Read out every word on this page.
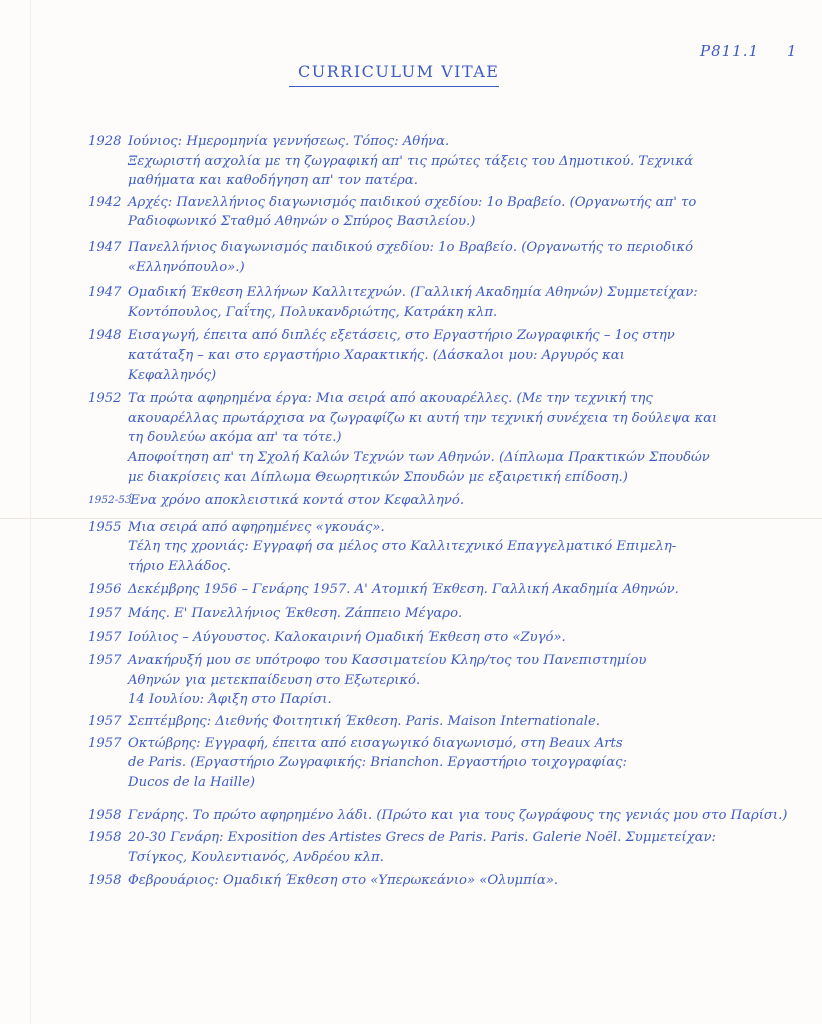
P811.1 1
CURRICULUM VITAE
1928 Ιούνιος: Ημερομηνία γεννήσεως. Τόπος: Αθήνα.
Ξεχωριστή ασχολία με τη ζωγραφική απ' τις πρώτες τάξεις του Δημοτικού. Τεχνικά
μαθήματα και καθοδήγηση απ' τον πατέρα.
1942 Αρχές: Πανελλήνιος διαγωνισμός παιδικού σχεδίου: 1ο Βραβείο. (Οργανωτής απ' το
Ραδιοφωνικό Σταθμό Αθηνών ο Σπύρος Βασιλείου.)
1947 Πανελλήνιος διαγωνισμός παιδικού σχεδίου: 1ο Βραβείο. (Οργανωτής το περιοδικό
«Ελληνόπουλο».)
1947 Ομαδική Έκθεση Ελλήνων Καλλιτεχνών. (Γαλλική Ακαδημία Αθηνών) Συμμετείχαν:
Κοντόπουλος, Γαΐτης, Πολυκανδριώτης, Κατράκη κλπ.
1948 Εισαγωγή, έπειτα από διπλές εξετάσεις, στο Εργαστήριο Ζωγραφικής – 1ος στην
κατάταξη – και στο εργαστήριο Χαρακτικής. (Δάσκαλοι μου: Αργυρός και
Κεφαλληνός)
1952 Τα πρώτα αφηρημένα έργα: Μια σειρά από ακουαρέλλες. (Με την τεχνική της
ακουαρέλλας πρωτάρχισα να ζωγραφίζω κι αυτή την τεχνική συνέχεια τη δούλεψα και
τη δουλεύω ακόμα απ' τα τότε.)
Αποφοίτηση απ' τη Σχολή Καλών Τεχνών των Αθηνών. (Δίπλωμα Πρακτικών Σπουδών
με διακρίσεις και Δίπλωμα Θεωρητικών Σπουδών με εξαιρετική επίδοση.)
1952-53
Ένα χρόνο αποκλειστικά κοντά στον Κεφαλληνό.
1955 Μια σειρά από αφηρημένες «γκουάς».
Τέλη της χρονιάς: Εγγραφή σα μέλος στο Καλλιτεχνικό Επαγγελματικό Επιμελη-
τήριο Ελλάδος.
1956 Δεκέμβρης 1956 – Γενάρης 1957. Α' Ατομική Έκθεση. Γαλλική Ακαδημία Αθηνών.
1957 Μάης. Ε' Πανελλήνιος Έκθεση. Ζάππειο Μέγαρο.
1957 Ιούλιος – Αύγουστος. Καλοκαιρινή Ομαδική Έκθεση στο «Ζυγό».
1957 Ανακήρυξή μου σε υπότροφο του Κασσιματείου Κληρ/τος του Πανεπιστημίου
Αθηνών για μετεκπαίδευση στο Εξωτερικό.
14 Ιουλίου: Άφιξη στο Παρίσι.
1957 Σεπτέμβρης: Διεθνής Φοιτητική Έκθεση. Paris. Maison Internationale.
1957 Οκτώβρης: Εγγραφή, έπειτα από εισαγωγικό διαγωνισμό, στη Beaux Arts
de Paris. (Εργαστήριο Ζωγραφικής: Brianchon. Εργαστήριο τοιχογραφίας:
Ducos de la Haille)
1958 Γενάρης. Το πρώτο αφηρημένο λάδι. (Πρώτο και για τους ζωγράφους της γενιάς μου στο Παρίσι.)
1958 20-30 Γενάρη: Exposition des Artistes Grecs de Paris. Paris. Galerie Noël. Συμμετείχαν:
Τσίγκος, Κουλεντιανός, Ανδρέου κλπ.
1958 Φεβρουάριος: Ομαδική Έκθεση στο «Υπερωκεάνιο» «Ολυμπία».
